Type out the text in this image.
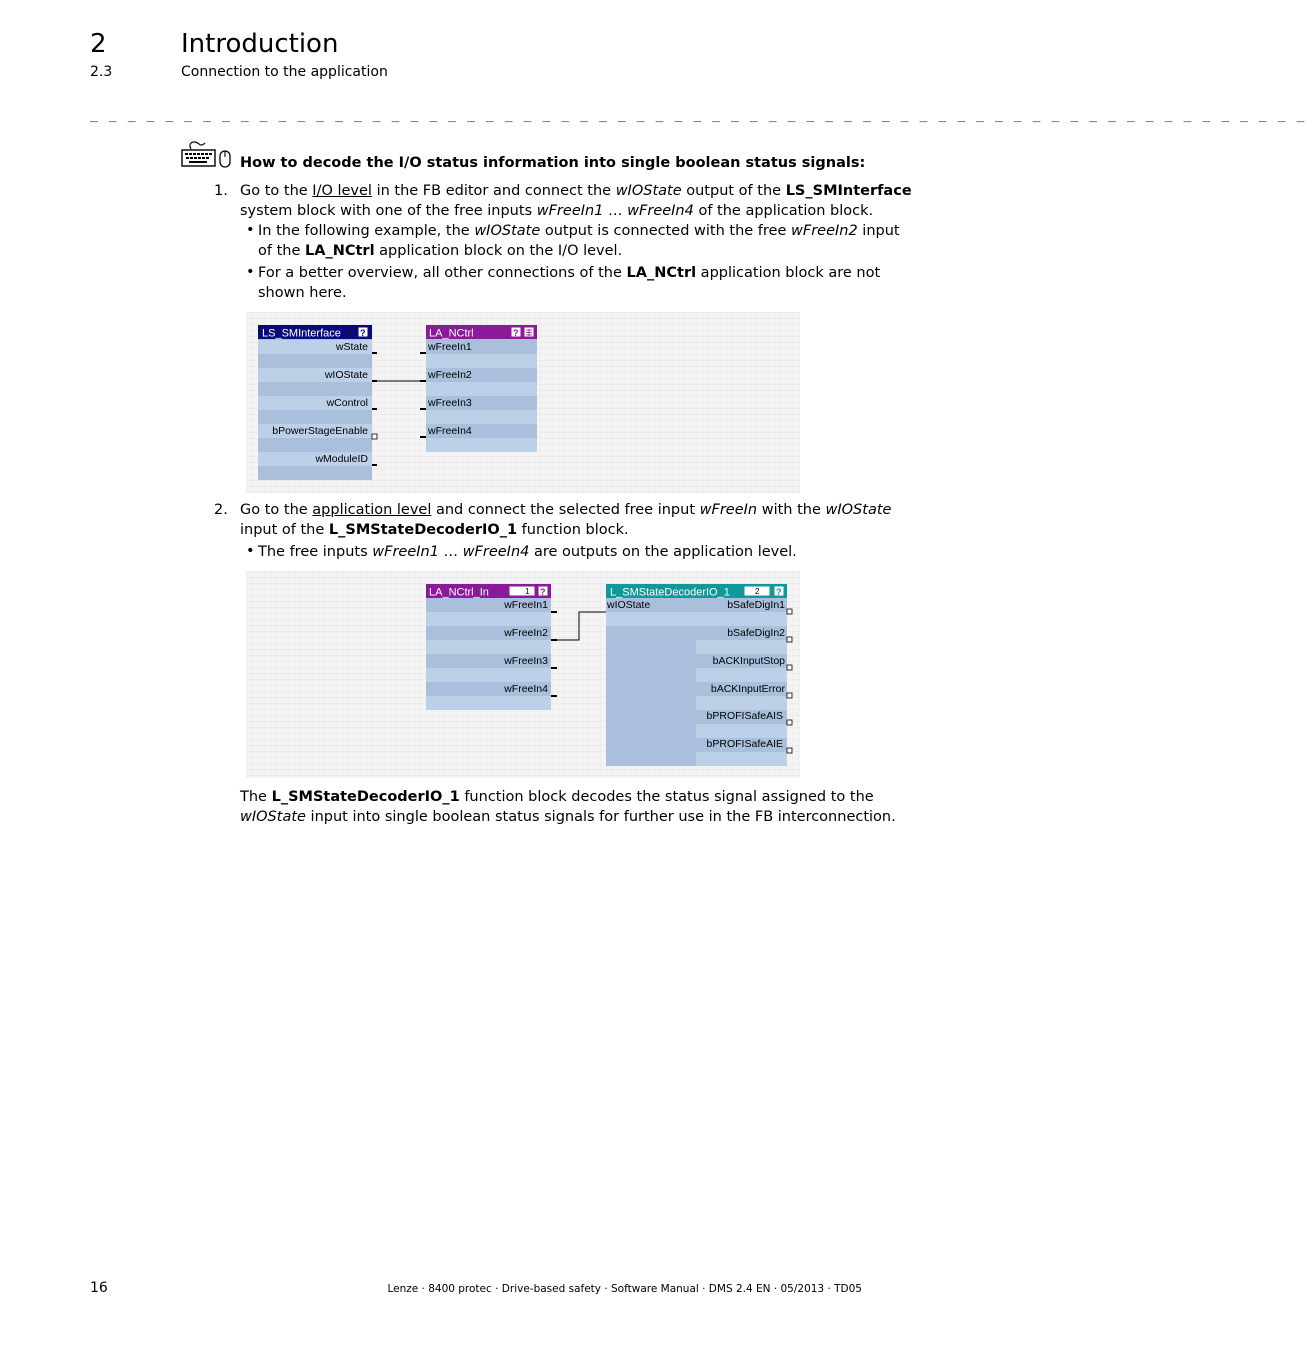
2	Introduction
2.3	Connection to the application
_ _ _ _ _ _ _ _ _ _ _ _ _ _ _ _ _ _ _ _ _ _ _ _ _ _ _ _ _ _ _ _ _ _ _ _ _ _ _ _ _ _ _ _ _ _ _ _ _ _ _ _ _ _ _ _ _ _ _ _ _ _ _ _ _
How to decode the I/O status information into single boolean status signals:
1. Go to the I/O level in the FB editor and connect the wIOState output of the LS_SMInterface
system block with one of the free inputs wFreeIn1 … wFreeIn4 of the application block.
• In the following example, the wIOState output is connected with the free wFreeIn2 input
of the LA_NCtrl application block on the I/O level.
• For a better overview, all other connections of the LA_NCtrl application block are not
shown here.
LS_SMInterface ?
wState
wIOState
wControl
bPowerStageEnable
wModuleID
LA_NCtrl	?
wFreeIn1
wFreeIn2
wFreeIn3
wFreeIn4
2. Go to the application level and connect the selected free input wFreeIn with the wIOState
input of the L_SMStateDecoderIO_1 function block.
• The free inputs wFreeIn1 … wFreeIn4 are outputs on the application level.
LA_NCtrl_In	1 ?
wFreeIn1
wFreeIn2
wFreeIn3
wFreeIn4
L_SMStateDecoderIO_1	2 ?
wIOState	bSafeDigIn1
bSafeDigIn2
bACKInputStop
bACKInputError
bPROFISafeAIS
bPROFISafeAIE
The L_SMStateDecoderIO_1 function block decodes the status signal assigned to the
wIOState input into single boolean status signals for further use in the FB interconnection.
16	Lenze · 8400 protec · Drive-based safety · Software Manual · DMS 2.4 EN · 05/2013 · TD05
